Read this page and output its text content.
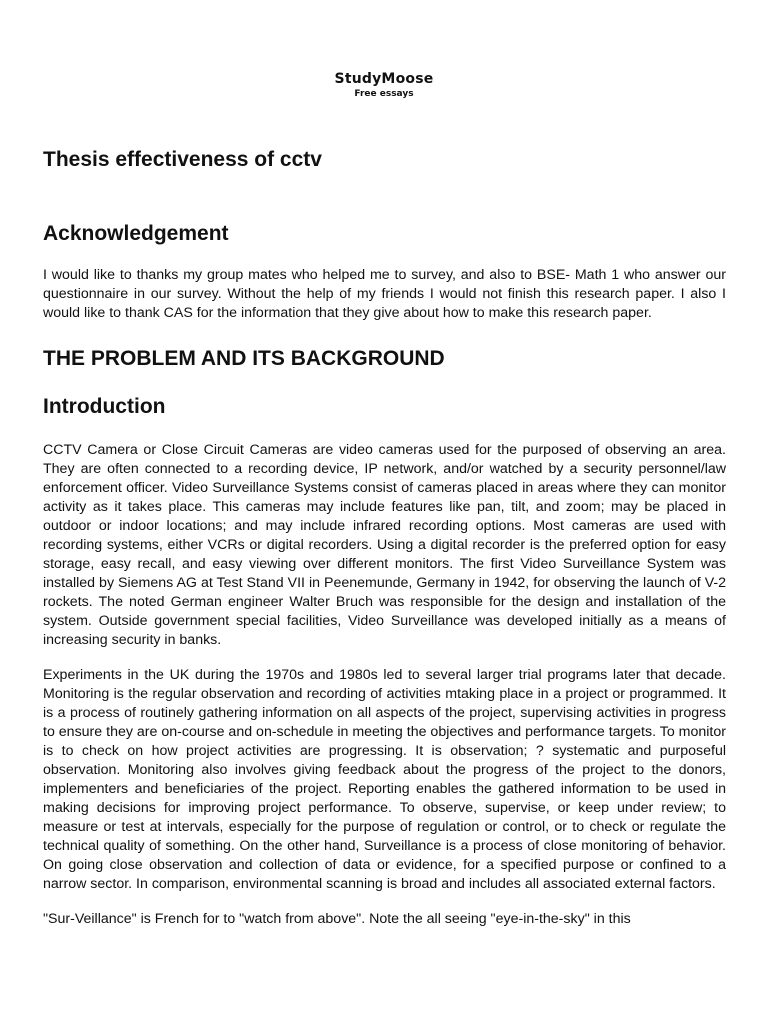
StudyMoose
Free essays
Thesis effectiveness of cctv
Acknowledgement

I would like to thanks my group mates who helped me to survey, and also to BSE- Math 1 who answer our questionnaire in our survey. Without the help of my friends I would not finish this research paper. I also I would like to thank CAS for the information that they give about how to make this research paper.

THE PROBLEM AND ITS BACKGROUND
Introduction

CCTV Camera or Close Circuit Cameras are video cameras used for the purposed of observing an area. They are often connected to a recording device, IP network, and/or watched by a security personnel/law enforcement officer. Video Surveillance Systems consist of cameras placed in areas where they can monitor activity as it takes place. This cameras may include features like pan, tilt, and zoom; may be placed in outdoor or indoor locations; and may include infrared recording options. Most cameras are used with recording systems, either VCRs or digital recorders. Using a digital recorder is the preferred option for easy storage, easy recall, and easy viewing over different monitors. The first Video Surveillance System was installed by Siemens AG at Test Stand VII in Peenemunde, Germany in 1942, for observing the launch of V-2 rockets. The noted German engineer Walter Bruch was responsible for the design and installation of the system. Outside government special facilities, Video Surveillance was developed initially as a means of increasing security in banks.

Experiments in the UK during the 1970s and 1980s led to several larger trial programs later that decade. Monitoring is the regular observation and recording of activities mtaking place in a project or programmed. It is a process of routinely gathering information on all aspects of the project, supervising activities in progress to ensure they are on-course and on-schedule in meeting the objectives and performance targets. To monitor is to check on how project activities are progressing. It is observation; ? systematic and purposeful observation. Monitoring also involves giving feedback about the progress of the project to the donors, implementers and beneficiaries of the project. Reporting enables the gathered information to be used in making decisions for improving project performance. To observe, supervise, or keep under review; to measure or test at intervals, especially for the purpose of regulation or control, or to check or regulate the technical quality of something. On the other hand, Surveillance is a process of close monitoring of behavior. On going close observation and collection of data or evidence, for a specified purpose or confined to a narrow sector. In comparison, environmental scanning is broad and includes all associated external factors.

"Sur-Veillance" is French for to "watch from above". Note the all seeing "eye-in-the-sky" in this
